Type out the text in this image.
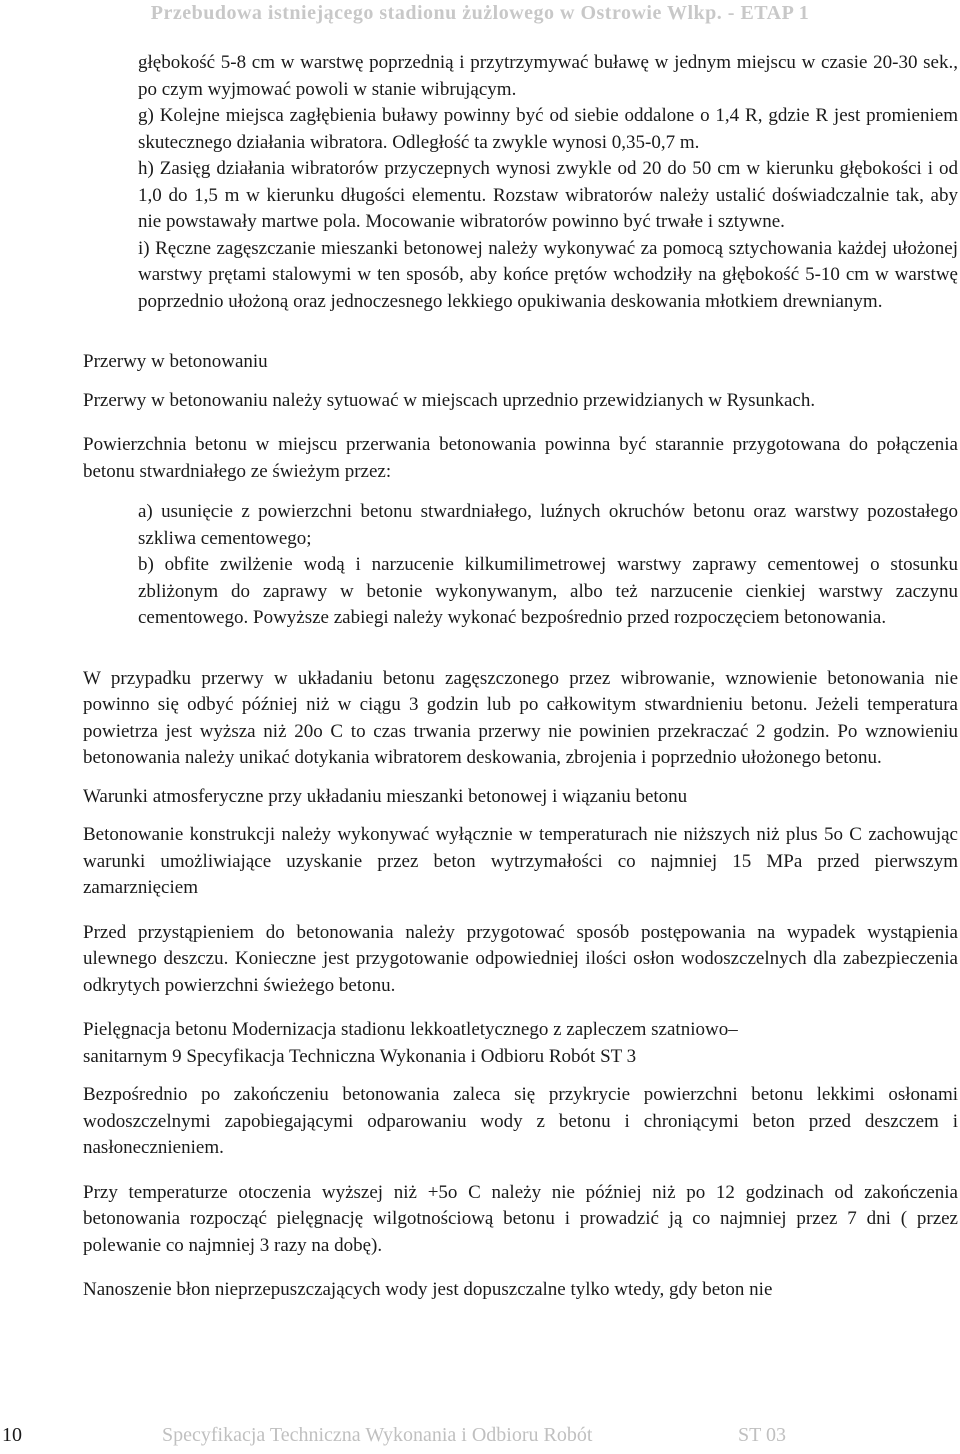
Przebudowa istniejącego stadionu żużlowego w Ostrowie Wlkp. - ETAP 1

głębokość 5-8 cm w warstwę poprzednią i przytrzymywać buławę w jednym miejscu w czasie 20-30 sek., po czym wyjmować powoli w stanie wibrującym.

g) Kolejne miejsca zagłębienia buławy powinny być od siebie oddalone o 1,4 R, gdzie R jest promieniem skutecznego działania wibratora. Odległość ta zwykle wynosi 0,35-0,7 m.

h) Zasięg działania wibratorów przyczepnych wynosi zwykle od 20 do 50 cm w kierunku głębokości i od 1,0 do 1,5 m w kierunku długości elementu. Rozstaw wibratorów należy ustalić doświadczalnie tak, aby nie powstawały martwe pola. Mocowanie wibratorów powinno być trwałe i sztywne.

i) Ręczne zagęszczanie mieszanki betonowej należy wykonywać za pomocą sztychowania każdej ułożonej warstwy prętami stalowymi w ten sposób, aby końce prętów wchodziły na głębokość 5-10 cm w warstwę poprzednio ułożoną oraz jednoczesnego lekkiego opukiwania deskowania młotkiem drewnianym.

Przerwy w betonowaniu

Przerwy w betonowaniu należy sytuować w miejscach uprzednio przewidzianych w Rysunkach.

Powierzchnia betonu w miejscu przerwania betonowania powinna być starannie przygotowana do połączenia betonu stwardniałego ze świeżym przez:

a) usunięcie z powierzchni betonu stwardniałego, luźnych okruchów betonu oraz warstwy pozostałego szkliwa cementowego;

b) obfite zwilżenie wodą i narzucenie kilkumilimetrowej warstwy zaprawy cementowej o stosunku zbliżonym do zaprawy w betonie wykonywanym, albo też narzucenie cienkiej warstwy zaczynu cementowego. Powyższe zabiegi należy wykonać bezpośrednio przed rozpoczęciem betonowania.

W przypadku przerwy w układaniu betonu zagęszczonego przez wibrowanie, wznowienie betonowania nie powinno się odbyć później niż w ciągu 3 godzin lub po całkowitym stwardnieniu betonu. Jeżeli temperatura powietrza jest wyższa niż 20o C to czas trwania przerwy nie powinien przekraczać 2 godzin. Po wznowieniu betonowania należy unikać dotykania wibratorem deskowania, zbrojenia i poprzednio ułożonego betonu.

Warunki atmosferyczne przy układaniu mieszanki betonowej i wiązaniu betonu

Betonowanie konstrukcji należy wykonywać wyłącznie w temperaturach nie niższych niż plus 5o C zachowując warunki umożliwiające uzyskanie przez beton wytrzymałości co najmniej 15 MPa przed pierwszym zamarznięciem

Przed przystąpieniem do betonowania należy przygotować sposób postępowania na wypadek wystąpienia ulewnego deszczu. Konieczne jest przygotowanie odpowiedniej ilości osłon wodoszczelnych dla zabezpieczenia odkrytych powierzchni świeżego betonu.

Pielęgnacja betonu Modernizacja stadionu lekkoatletycznego z zapleczem szatniowo–
sanitarnym 9 Specyfikacja Techniczna Wykonania i Odbioru Robót ST 3

Bezpośrednio po zakończeniu betonowania zaleca się przykrycie powierzchni betonu lekkimi osłonami wodoszczelnymi zapobiegającymi odparowaniu wody z betonu i chroniącymi beton przed deszczem i nasłonecznieniem.

Przy temperaturze otoczenia wyższej niż +5o C należy nie później niż po 12 godzinach od zakończenia betonowania rozpocząć pielęgnację wilgotnościową betonu i prowadzić ją co najmniej przez 7 dni ( przez polewanie co najmniej 3 razy na dobę).

Nanoszenie błon nieprzepuszczających wody jest dopuszczalne tylko wtedy, gdy beton nie

10	Specyfikacja Techniczna Wykonania i Odbioru Robót	ST 03
